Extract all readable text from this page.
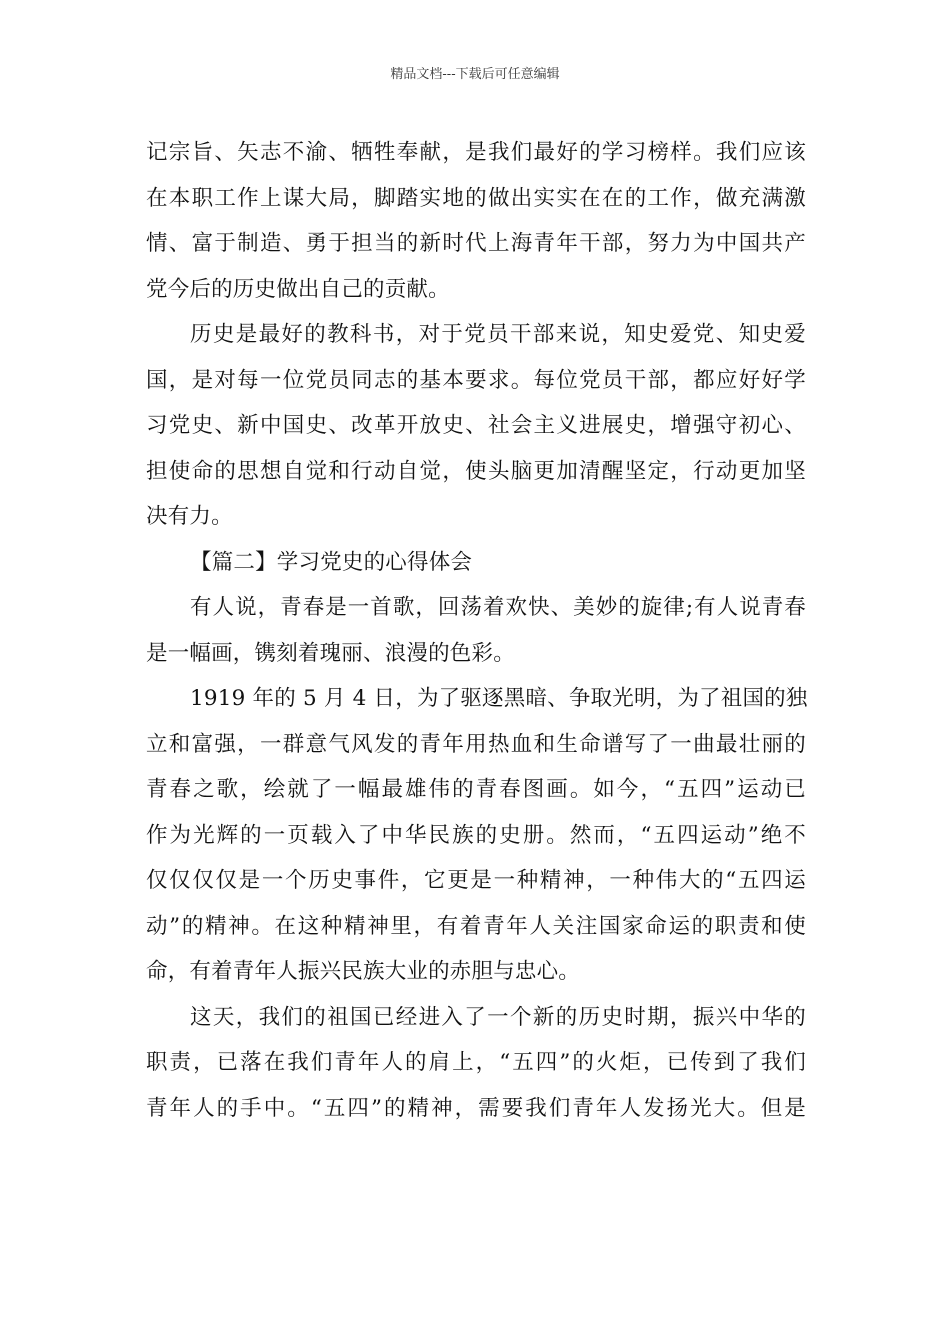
精品文档---下载后可任意编辑
记宗旨、矢志不渝、牺牲奉献，是我们最好的学习榜样。我们应该
在本职工作上谋大局，脚踏实地的做出实实在在的工作，做充满激
情、富于制造、勇于担当的新时代上海青年干部，努力为中国共产
党今后的历史做出自己的贡献。
历史是最好的教科书，对于党员干部来说，知史爱党、知史爱
国，是对每一位党员同志的基本要求。每位党员干部，都应好好学
习党史、新中国史、改革开放史、社会主义进展史，增强守初心、
担使命的思想自觉和行动自觉，使头脑更加清醒坚定，行动更加坚
决有力。
【篇二】学习党史的心得体会
有人说，青春是一首歌，回荡着欢快、美妙的旋律;有人说青春
是一幅画，镌刻着瑰丽、浪漫的色彩。
1919 年的 5 月 4 日，为了驱逐黑暗、争取光明，为了祖国的独
立和富强，一群意气风发的青年用热血和生命谱写了一曲最壮丽的
青春之歌，绘就了一幅最雄伟的青春图画。如今，“五四”运动已
作为光辉的一页载入了中华民族的史册。然而，“五四运动”绝不
仅仅仅仅是一个历史事件，它更是一种精神，一种伟大的“五四运
动”的精神。在这种精神里，有着青年人关注国家命运的职责和使
命，有着青年人振兴民族大业的赤胆与忠心。
这天，我们的祖国已经进入了一个新的历史时期，振兴中华的
职责，已落在我们青年人的肩上，“五四”的火炬，已传到了我们
青年人的手中。“五四”的精神，需要我们青年人发扬光大。但是
